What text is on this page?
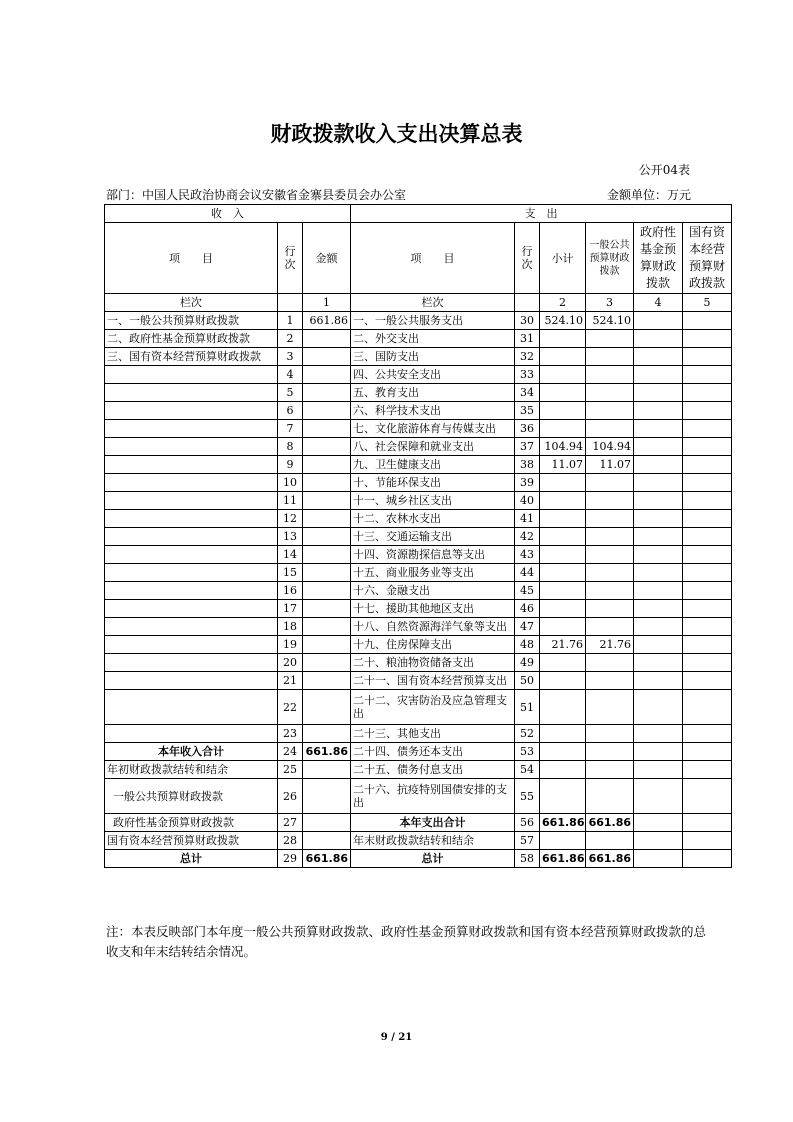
财政拨款收入支出决算总表
公开04表
部门：中国人民政治协商会议安徽省金寨县委员会办公室	金额单位：万元
收　入			支　出					
项　　目	行次	金额	项　　目	行次	小计	一般公共预算财政拨款	政府性基金预算财政拨款	国有资本经营预算财政拨款
栏次		1	栏次		2	3	4	5
一、一般公共预算财政拨款	1	661.86	一、一般公共服务支出	30	524.10	524.10		
二、政府性基金预算财政拨款	2		二、外交支出	31				
三、国有资本经营预算财政拨款	3		三、国防支出	32				
	4		四、公共安全支出	33				
	5		五、教育支出	34				
	6		六、科学技术支出	35				
	7		七、文化旅游体育与传媒支出	36				
	8		八、社会保障和就业支出	37	104.94	104.94		
	9		九、卫生健康支出	38	11.07	11.07		
	10		十、节能环保支出	39				
	11		十一、城乡社区支出	40				
	12		十二、农林水支出	41				
	13		十三、交通运输支出	42				
	14		十四、资源勘探信息等支出	43				
	15		十五、商业服务业等支出	44				
	16		十六、金融支出	45				
	17		十七、援助其他地区支出	46				
	18		十八、自然资源海洋气象等支出	47				
	19		十九、住房保障支出	48	21.76	21.76		
	20		二十、粮油物资储备支出	49				
	21		二十一、国有资本经营预算支出	50				
	22		二十二、灾害防治及应急管理支出	51				
	23		二十三、其他支出	52				
本年收入合计	24	661.86	二十四、债务还本支出	53				
年初财政拨款结转和结余	25		二十五、债务付息支出	54				
一般公共预算财政拨款	26		二十六、抗疫特别国债安排的支出	55				
政府性基金预算财政拨款	27		本年支出合计	56	661.86	661.86		
国有资本经营预算财政拨款	28		年末财政拨款结转和结余	57				
总计	29	661.86	总计	58	661.86	661.86		
注：本表反映部门本年度一般公共预算财政拨款、政府性基金预算财政拨款和国有资本经营预算财政拨款的总收支和年末结转结余情况。
9 / 21
